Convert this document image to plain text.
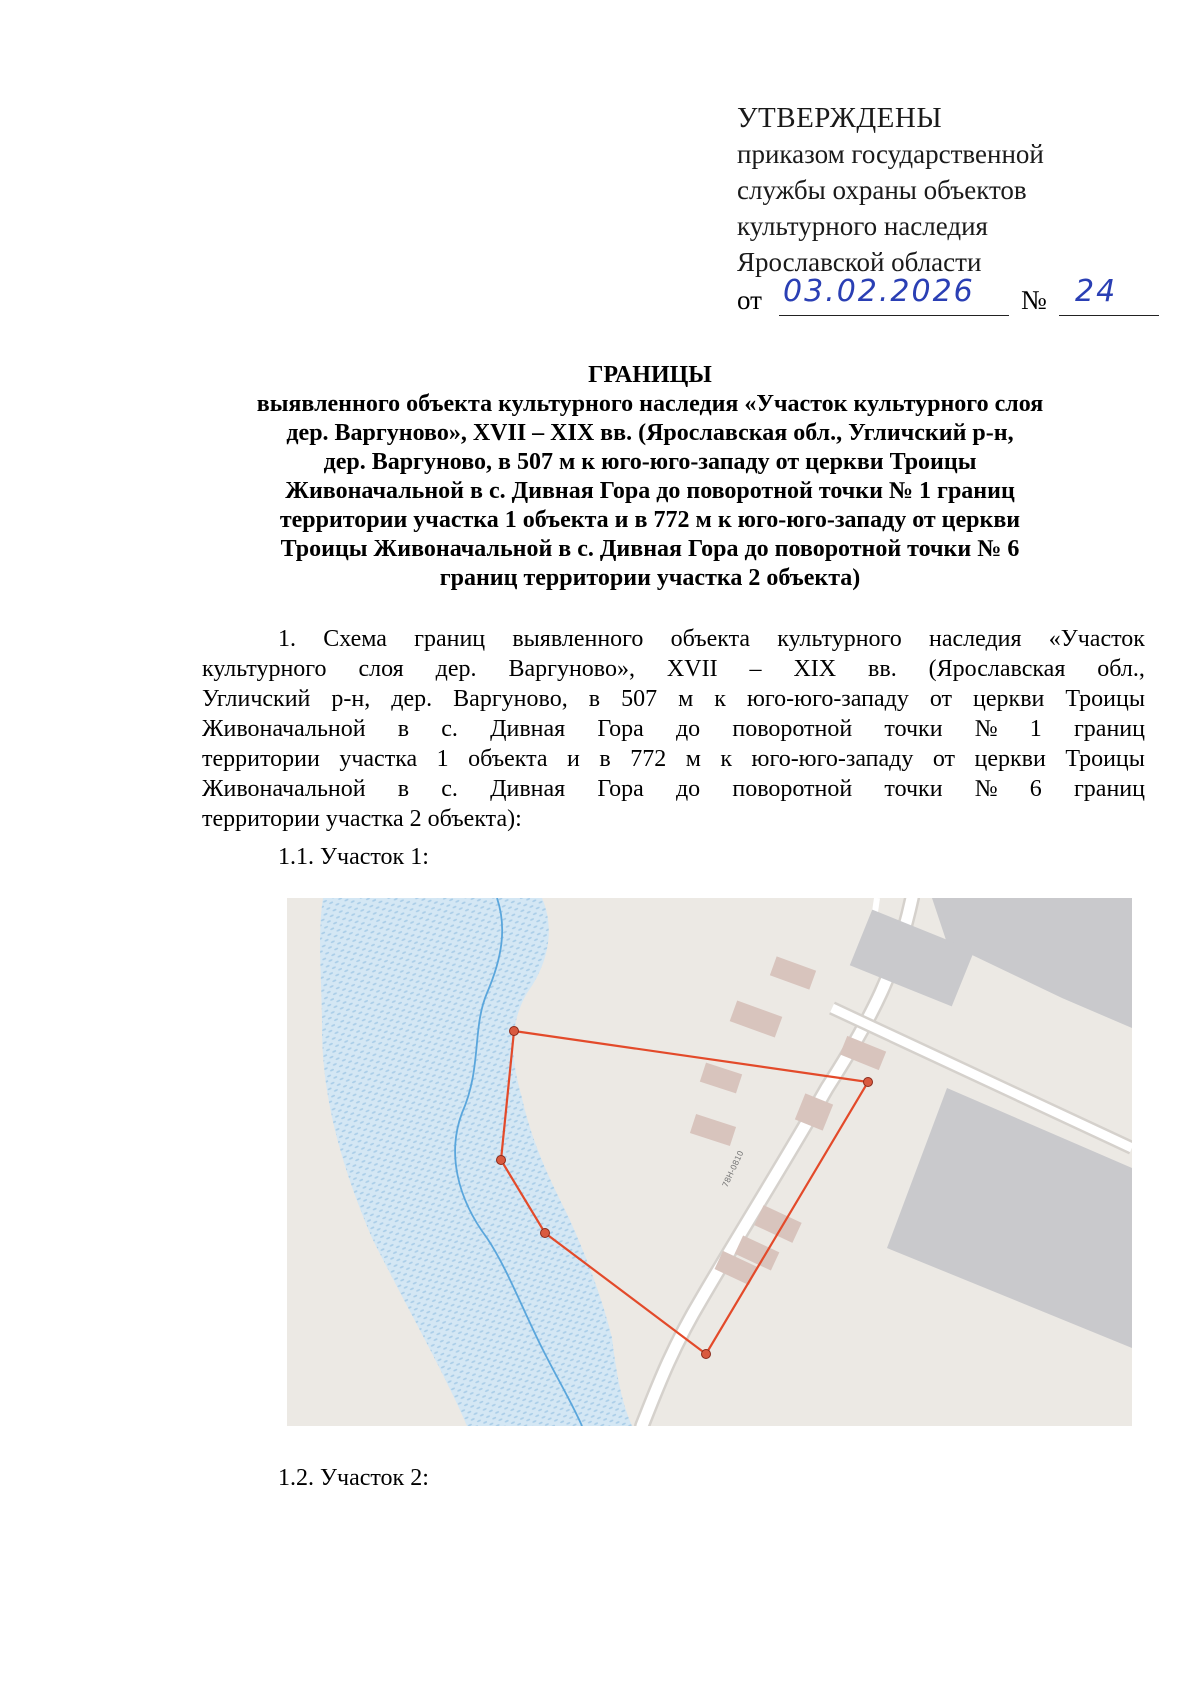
УТВЕРЖДЕНЫ
приказом государственной
службы охраны объектов
культурного наследия
Ярославской области
от 03.02.2026 № 24
ГРАНИЦЫ
выявленного объекта культурного наследия «Участок культурного слоя
дер. Варгуново», XVII – XIX вв. (Ярославская обл., Угличский р-н,
дер. Варгуново, в 507 м к юго-юго-западу от церкви Троицы
Живоначальной в с. Дивная Гора до поворотной точки № 1 границ
территории участка 1 объекта и в 772 м к юго-юго-западу от церкви
Троицы Живоначальной в с. Дивная Гора до поворотной точки № 6
границ территории участка 2 объекта)
1. Схема границ выявленного объекта культурного наследия «Участок
культурного слоя дер. Варгуново», XVII – XIX вв. (Ярославская обл.,
Угличский р-н, дер. Варгуново, в 507 м к юго-юго-западу от церкви Троицы
Живоначальной в с. Дивная Гора до поворотной точки № 1 границ
территории участка 1 объекта и в 772 м к юго-юго-западу от церкви Троицы
Живоначальной в с. Дивная Гора до поворотной точки № 6 границ
территории участка 2 объекта):
1.1. Участок 1:
78Н-0810
1.2. Участок 2:
